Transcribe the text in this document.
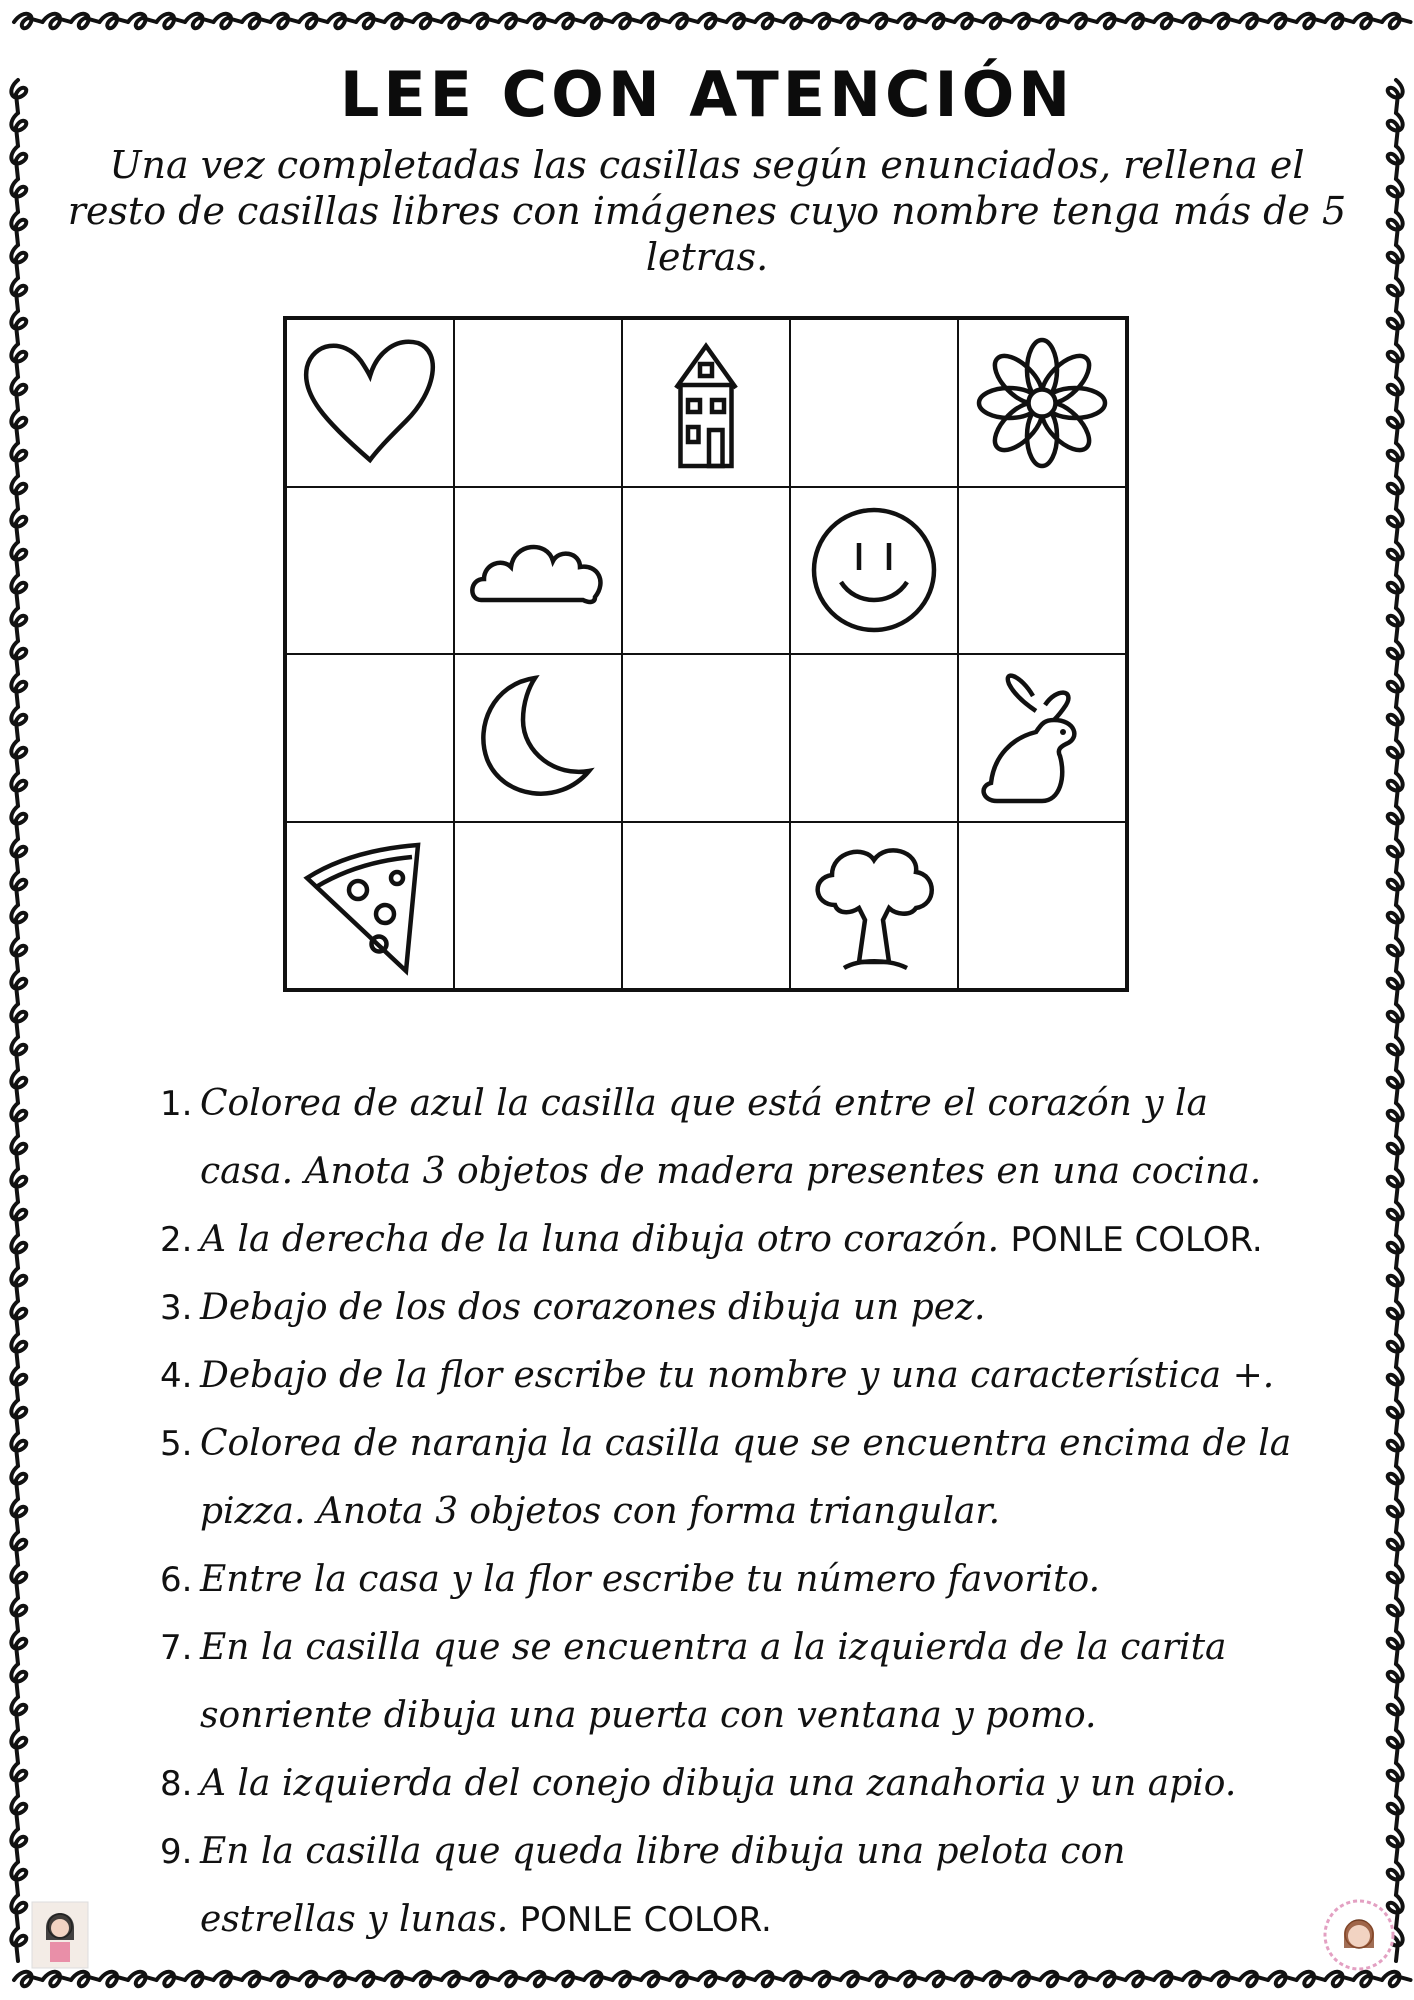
LEE CON ATENCIÓN
Una vez completadas las casillas según enunciados, rellena el resto de casillas libres con imágenes cuyo nombre tenga más de 5 letras.
1. Colorea de azul la casilla que está entre el corazón y la
casa. Anota 3 objetos de madera presentes en una cocina.
2. A la derecha de la luna dibuja otro corazón. PONLE COLOR.
3. Debajo de los dos corazones dibuja un pez.
4. Debajo de la flor escribe tu nombre y una característica +.
5. Colorea de naranja la casilla que se encuentra encima de la
pizza. Anota 3 objetos con forma triangular.
6. Entre la casa y la flor escribe tu número favorito.
7. En la casilla que se encuentra a la izquierda de la carita
sonriente dibuja una puerta con ventana y pomo.
8. A la izquierda del conejo dibuja una zanahoria y un apio.
9. En la casilla que queda libre dibuja una pelota con
estrellas y lunas. PONLE COLOR.
